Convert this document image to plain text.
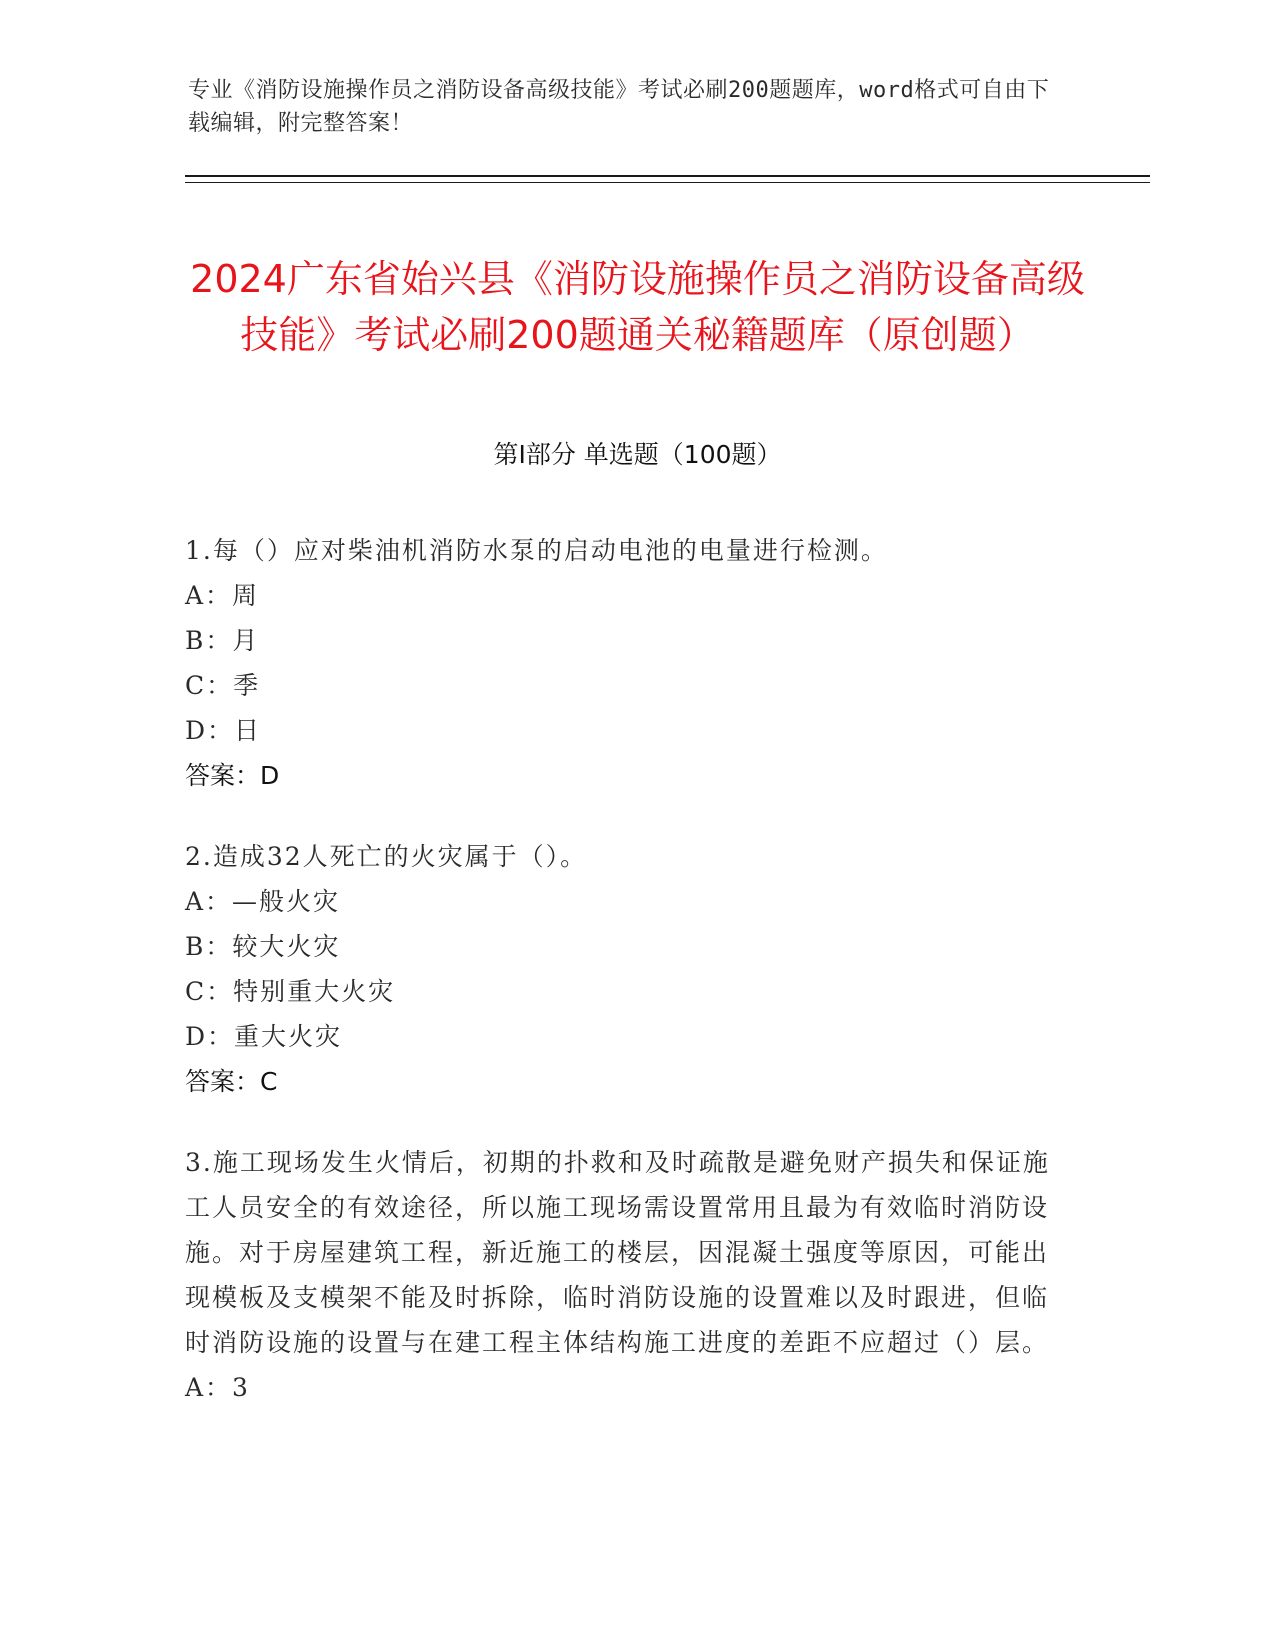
专业《消防设施操作员之消防设备高级技能》考试必刷200题题库，word格式可自由下载编辑，附完整答案！
2024广东省始兴县《消防设施操作员之消防设备高级技能》考试必刷200题通关秘籍题库（原创题）
第I部分 单选题（100题）
1.每（）应对柴油机消防水泵的启动电池的电量进行检测。
A：周
B：月
C：季
D：日
答案：D
2.造成32人死亡的火灾属于（）。
A：—般火灾
B：较大火灾
C：特别重大火灾
D：重大火灾
答案：C
3.施工现场发生火情后，初期的扑救和及时疏散是避免财产损失和保证施工人员安全的有效途径，所以施工现场需设置常用且最为有效临时消防设施。对于房屋建筑工程，新近施工的楼层，因混凝土强度等原因，可能出现模板及支模架不能及时拆除，临时消防设施的设置难以及时跟进，但临时消防设施的设置与在建工程主体结构施工进度的差距不应超过（）层。
A：3
